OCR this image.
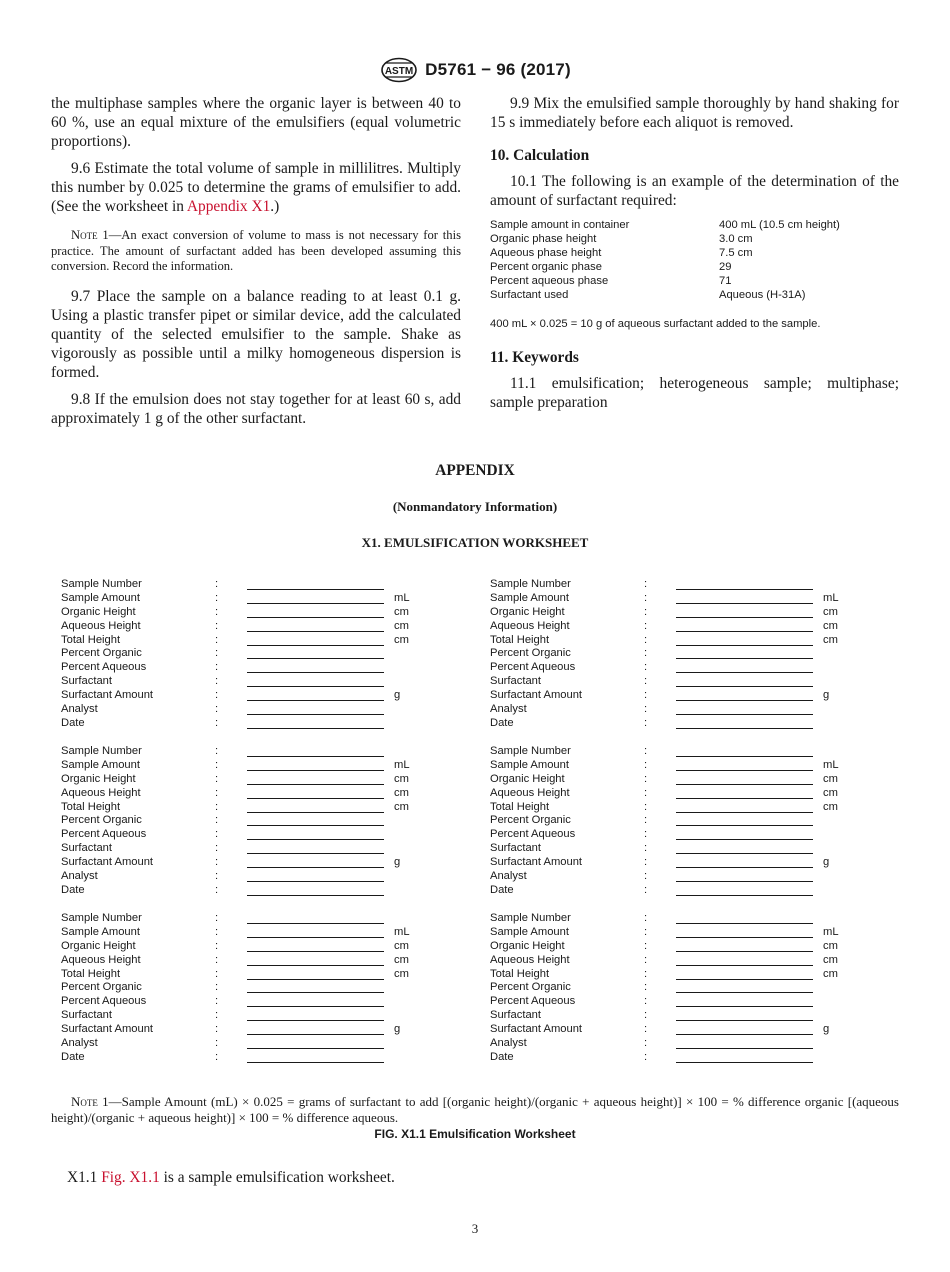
ASTM D5761 − 96 (2017)

the multiphase samples where the organic layer is between 40 to 60 %, use an equal mixture of the emulsifiers (equal volumetric proportions).

9.6 Estimate the total volume of sample in millilitres. Multiply this number by 0.025 to determine the grams of emulsifier to add. (See the worksheet in Appendix X1.)

Note 1—An exact conversion of volume to mass is not necessary for this practice. The amount of surfactant added has been developed assuming this conversion. Record the information.

9.7 Place the sample on a balance reading to at least 0.1 g. Using a plastic transfer pipet or similar device, add the calculated quantity of the selected emulsifier to the sample. Shake as vigorously as possible until a milky homogeneous dispersion is formed.

9.8 If the emulsion does not stay together for at least 60 s, add approximately 1 g of the other surfactant.

9.9 Mix the emulsified sample thoroughly by hand shaking for 15 s immediately before each aliquot is removed.

10. Calculation

10.1 The following is an example of the determination of the amount of surfactant required:

Sample amount in container	400 mL (10.5 cm height)
Organic phase height	3.0 cm
Aqueous phase height	7.5 cm
Percent organic phase	29
Percent aqueous phase	71
Surfactant used	Aqueous (H-31A)

400 mL × 0.025 = 10 g of aqueous surfactant added to the sample.

11. Keywords

11.1 emulsification; heterogeneous sample; multiphase; sample preparation

APPENDIX
(Nonmandatory Information)
X1. EMULSIFICATION WORKSHEET
Sample Number	:
Sample Amount	:	mL
Organic Height	:	cm
Aqueous Height	:	cm
Total Height	:	cm
Percent Organic	:
Percent Aqueous	:
Surfactant	:
Surfactant Amount	:	g
Analyst	:
Date	:
Sample Number	:
Sample Amount	:	mL
Organic Height	:	cm
Aqueous Height	:	cm
Total Height	:	cm
Percent Organic	:
Percent Aqueous	:
Surfactant	:
Surfactant Amount	:	g
Analyst	:
Date	:
Sample Number	:
Sample Amount	:	mL
Organic Height	:	cm
Aqueous Height	:	cm
Total Height	:	cm
Percent Organic	:
Percent Aqueous	:
Surfactant	:
Surfactant Amount	:	g
Analyst	:
Date	:
Sample Number	:
Sample Amount	:	mL
Organic Height	:	cm
Aqueous Height	:	cm
Total Height	:	cm
Percent Organic	:
Percent Aqueous	:
Surfactant	:
Surfactant Amount	:	g
Analyst	:
Date	:
Sample Number	:
Sample Amount	:	mL
Organic Height	:	cm
Aqueous Height	:	cm
Total Height	:	cm
Percent Organic	:
Percent Aqueous	:
Surfactant	:
Surfactant Amount	:	g
Analyst	:
Date	:
Sample Number	:
Sample Amount	:	mL
Organic Height	:	cm
Aqueous Height	:	cm
Total Height	:	cm
Percent Organic	:
Percent Aqueous	:
Surfactant	:
Surfactant Amount	:	g
Analyst	:
Date	:

Note 1—Sample Amount (mL) × 0.025 = grams of surfactant to add [(organic height)/(organic + aqueous height)] × 100 = % difference organic [(aqueous height)/(organic + aqueous height)] × 100 = % difference aqueous.

FIG. X1.1 Emulsification Worksheet

X1.1 Fig. X1.1 is a sample emulsification worksheet.

3
